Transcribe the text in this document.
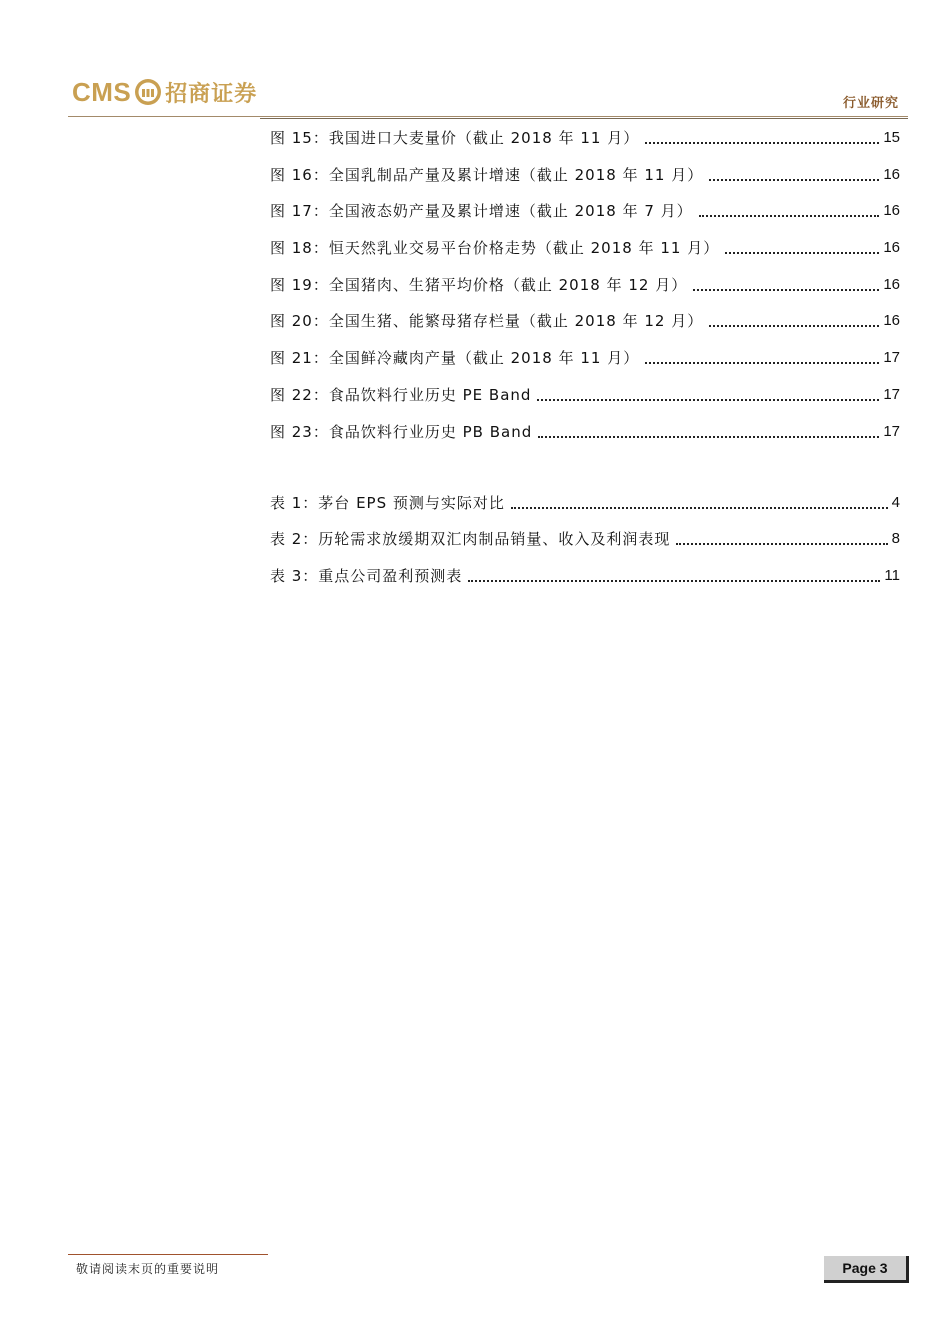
CMS 招商证券	行业研究
图 15：我国进口大麦量价（截止 2018 年 11 月）	15
图 16：全国乳制品产量及累计增速（截止 2018 年 11 月）	16
图 17：全国液态奶产量及累计增速（截止 2018 年 7 月）	16
图 18：恒天然乳业交易平台价格走势（截止 2018 年 11 月）	16
图 19：全国猪肉、生猪平均价格（截止 2018 年 12 月）	16
图 20：全国生猪、能繁母猪存栏量（截止 2018 年 12 月）	16
图 21：全国鲜冷藏肉产量（截止 2018 年 11 月）	17
图 22：食品饮料行业历史 PE Band	17
图 23：食品饮料行业历史 PB Band	17
表 1：茅台 EPS 预测与实际对比	4
表 2：历轮需求放缓期双汇肉制品销量、收入及利润表现	8
表 3：重点公司盈利预测表	11
敬请阅读末页的重要说明	Page 3
